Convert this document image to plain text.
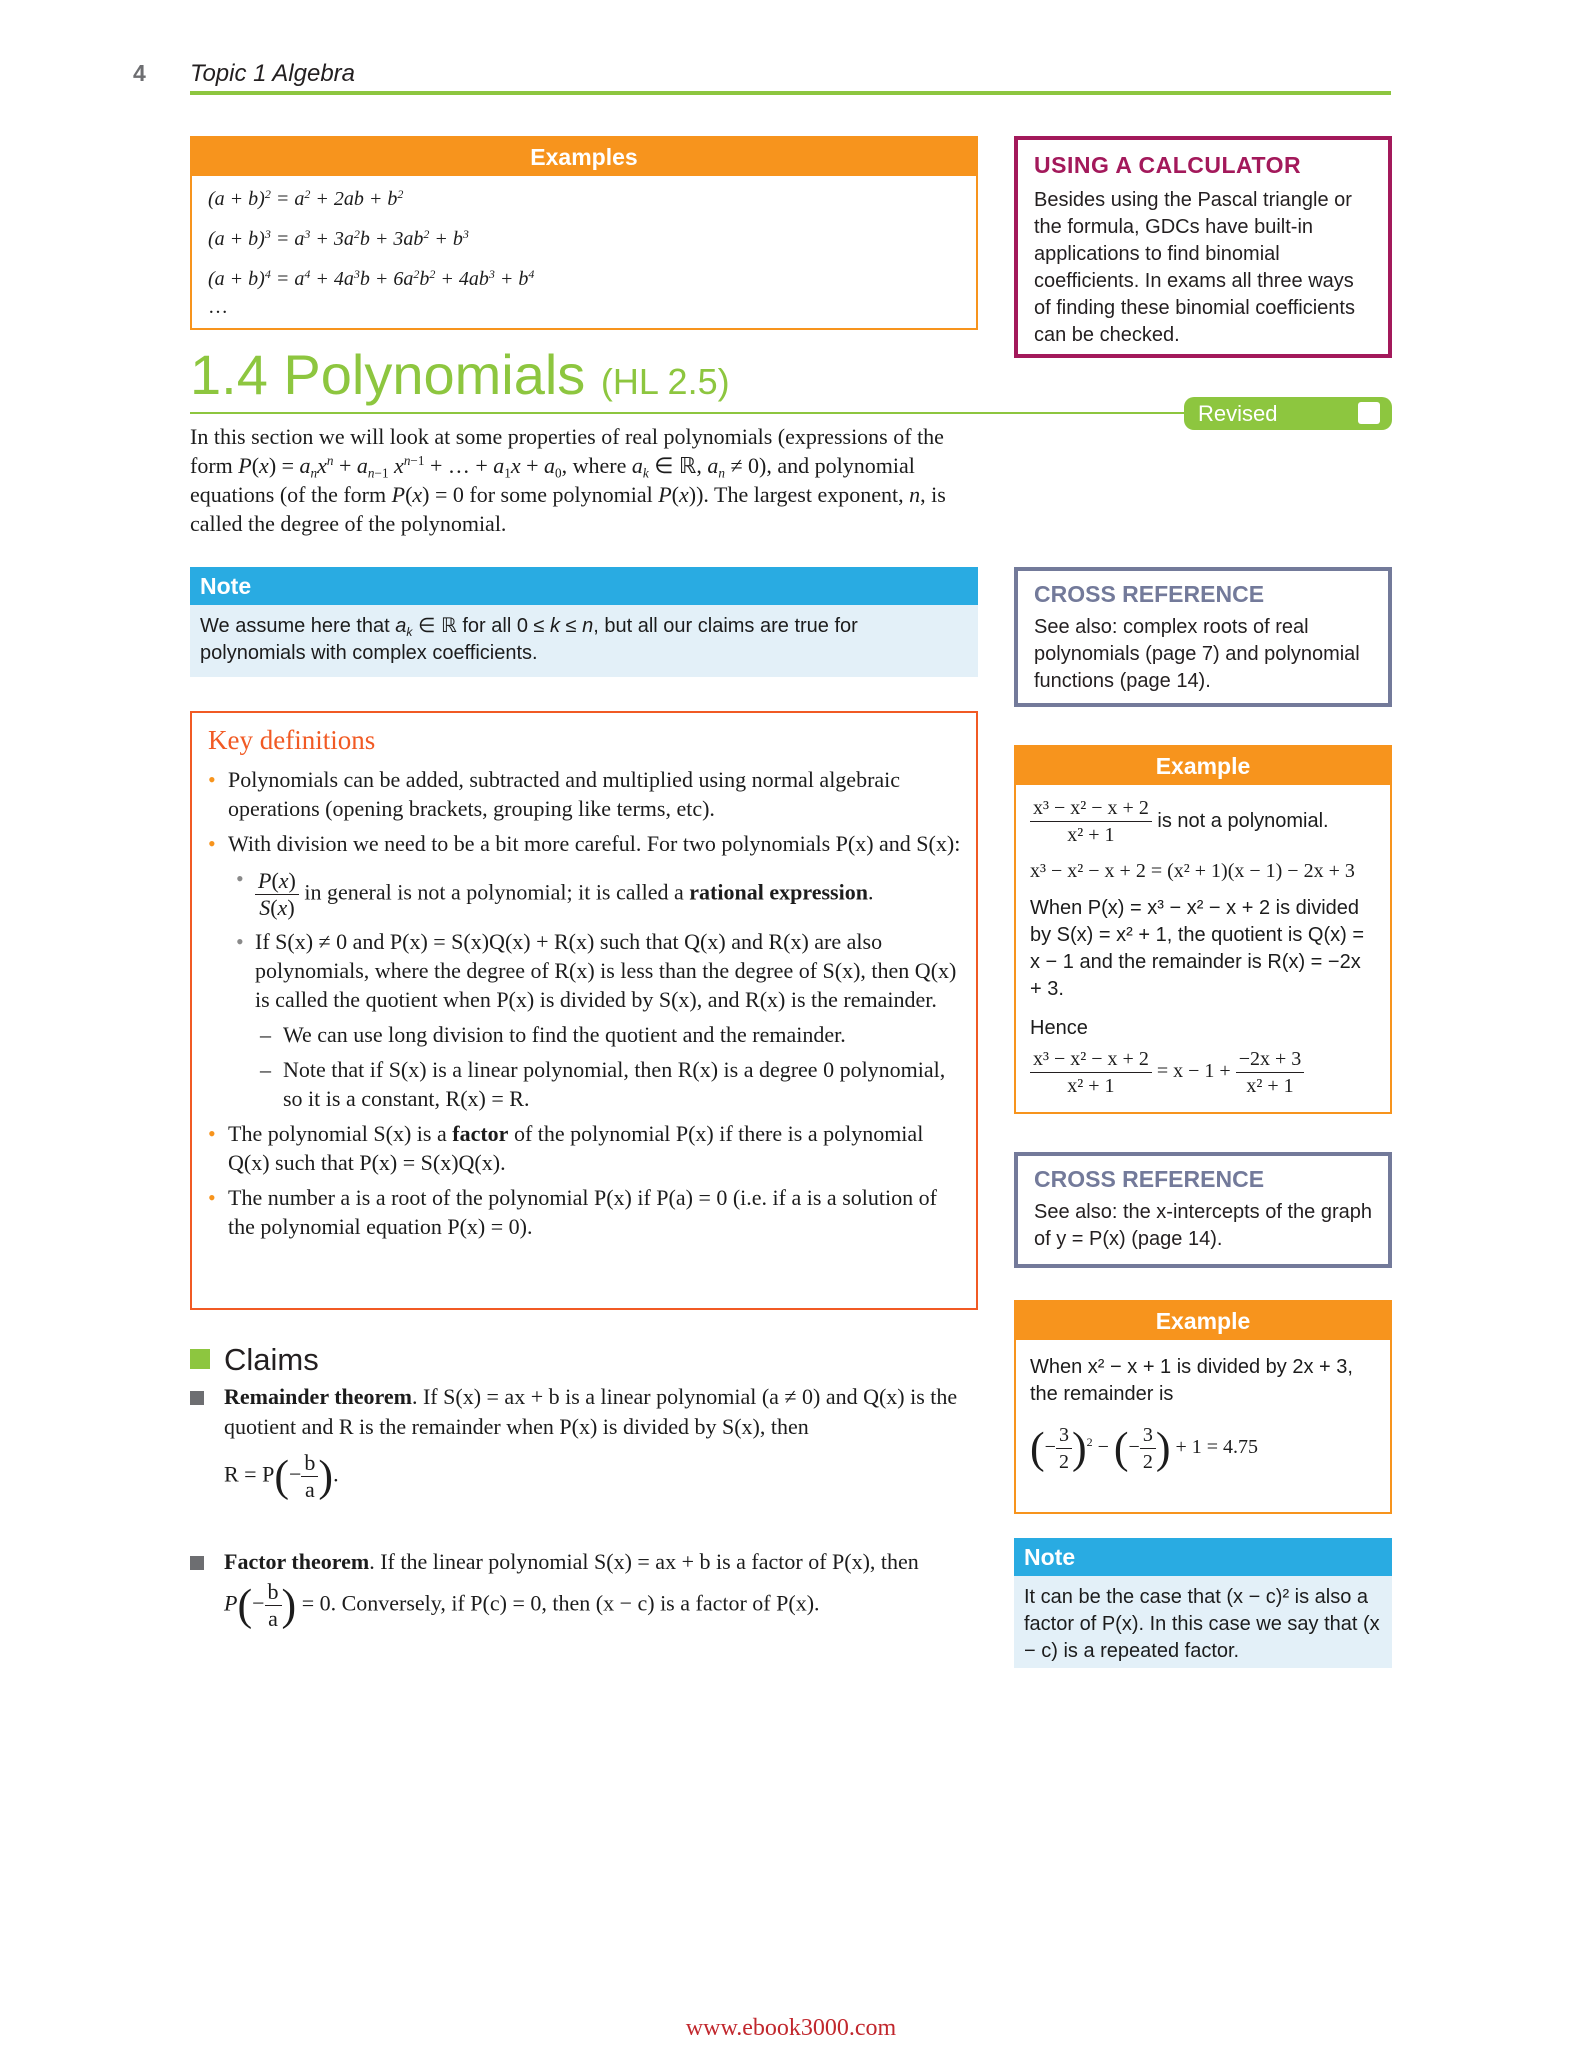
4 Topic 1 Algebra
Examples
$(a + b)^2 = a^2 + 2ab + b^2$
$(a + b)^3 = a^3 + 3a^2b + 3ab^2 + b^3$
$(a + b)^4 = a^4 + 4a^3b + 6a^2b^2 + 4ab^3 + b^4$
…
USING A CALCULATOR
Besides using the Pascal triangle or the formula, GDCs have built-in applications to find binomial coefficients. In exams all three ways of finding these binomial coefficients can be checked.
1.4 Polynomials (HL 2.5)
Revised
In this section we will look at some properties of real polynomials (expressions of the form $P(x) = a_nx^n + a_{n-1}$ $x^{n-1}$ + … + $a_1x + a_0$, where $a_k$ ∈ ℝ, $a_n \ne 0$), and polynomial equations (of the form P(x) = 0 for some polynomial P(x)). The largest exponent, n, is called the degree of the polynomial.
Note
We assume here that $a_k$ ∈ ℝ for all 0 ≤ k ≤ n, but all our claims are true for polynomials with complex coefficients.
CROSS REFERENCE
See also: complex roots of real polynomials (page 7) and polynomial functions (page 14).
Key definitions
• Polynomials can be added, subtracted and multiplied using normal algebraic operations (opening brackets, grouping like terms, etc).
• With division we need to be a bit more careful. For two polynomials P(x) and S(x):
• $\frac{P(x)}{S(x)}$ in general is not a polynomial; it is called a rational expression.
• If S(x) ≠ 0 and P(x) = S(x)Q(x) + R(x) such that Q(x) and R(x) are also polynomials, where the degree of R(x) is less than the degree of S(x), then Q(x) is called the quotient when P(x) is divided by S(x), and R(x) is the remainder.
– We can use long division to find the quotient and the remainder.
– Note that if S(x) is a linear polynomial, then R(x) is a degree 0 polynomial, so it is a constant, R(x) = R.
• The polynomial S(x) is a factor of the polynomial P(x) if there is a polynomial Q(x) such that P(x) = S(x)Q(x).
• The number a is a root of the polynomial P(x) if P(a) = 0 (i.e. if a is a solution of the polynomial equation P(x) = 0).
Example
$\frac{\text{x³ − x² − x + 2}}{\text{x² + 1}}$ is not a polynomial.
x³ − x² − x + 2 = (x² + 1)(x − 1) − 2x + 3
When P(x) = x³ − x² − x + 2 is divided by S(x) = x² + 1, the quotient is Q(x) = x − 1 and the remainder is R(x) = −2x + 3.
Hence
$\frac{\text{x³ − x² − x + 2}}{\text{x² + 1}} = x - 1 + \frac{-2x + 3}{\text{x² + 1}}$
CROSS REFERENCE
See also: the x-intercepts of the graph of y = P(x) (page 14).
Example
When x² − x + 1 is divided by 2x + 3, the remainder is
(− $\frac{3}{2} )^2$ − (− $\frac{3}{2}$ ) + 1 = 4.75
Claims
Remainder theorem. If S(x) = ax + b is a linear polynomial (a ≠ 0) and Q(x) is the quotient and R is the remainder when P(x) is divided by S(x), then
$R = P(- \frac{b}{a}$ ).
Factor theorem. If the linear polynomial S(x) = ax + b is a factor of P(x), then
$P(- \frac{b}{a}$ ) = 0. Conversely, if P(c) = 0, then (x − c) is a factor of P(x).
Note
It can be the case that (x − c)² is also a factor of P(x). In this case we say that (x − c) is a repeated factor.
www.ebook3000.com
